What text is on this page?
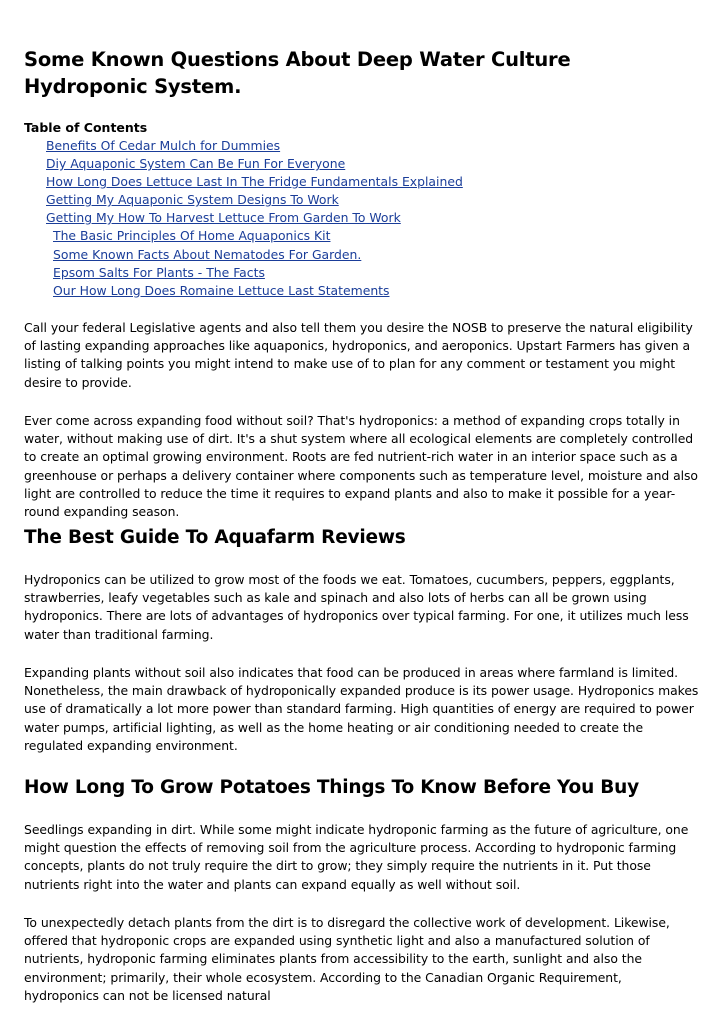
Some Known Questions About Deep Water Culture Hydroponic System.
Table of Contents
Benefits Of Cedar Mulch for Dummies
Diy Aquaponic System Can Be Fun For Everyone
How Long Does Lettuce Last In The Fridge Fundamentals Explained
Getting My Aquaponic System Designs To Work
Getting My How To Harvest Lettuce From Garden To Work
The Basic Principles Of Home Aquaponics Kit
Some Known Facts About Nematodes For Garden.
Epsom Salts For Plants - The Facts
Our How Long Does Romaine Lettuce Last Statements

Call your federal Legislative agents and also tell them you desire the NOSB to preserve the natural eligibility of lasting expanding approaches like aquaponics, hydroponics, and aeroponics. Upstart Farmers has given a listing of talking points you might intend to make use of to plan for any comment or testament you might desire to provide.

Ever come across expanding food without soil? That's hydroponics: a method of expanding crops totally in water, without making use of dirt. It's a shut system where all ecological elements are completely controlled to create an optimal growing environment. Roots are fed nutrient-rich water in an interior space such as a greenhouse or perhaps a delivery container where components such as temperature level, moisture and also light are controlled to reduce the time it requires to expand plants and also to make it possible for a year-round expanding season.

The Best Guide To Aquafarm Reviews

Hydroponics can be utilized to grow most of the foods we eat. Tomatoes, cucumbers, peppers, eggplants, strawberries, leafy vegetables such as kale and spinach and also lots of herbs can all be grown using hydroponics. There are lots of advantages of hydroponics over typical farming. For one, it utilizes much less water than traditional farming.

Expanding plants without soil also indicates that food can be produced in areas where farmland is limited. Nonetheless, the main drawback of hydroponically expanded produce is its power usage. Hydroponics makes use of dramatically a lot more power than standard farming. High quantities of energy are required to power water pumps, artificial lighting, as well as the home heating or air conditioning needed to create the regulated expanding environment.

How Long To Grow Potatoes Things To Know Before You Buy

Seedlings expanding in dirt. While some might indicate hydroponic farming as the future of agriculture, one might question the effects of removing soil from the agriculture process. According to hydroponic farming concepts, plants do not truly require the dirt to grow; they simply require the nutrients in it. Put those nutrients right into the water and plants can expand equally as well without soil.

To unexpectedly detach plants from the dirt is to disregard the collective work of development. Likewise, offered that hydroponic crops are expanded using synthetic light and also a manufactured solution of nutrients, hydroponic farming eliminates plants from accessibility to the earth, sunlight and also the environment; primarily, their whole ecosystem. According to the Canadian Organic Requirement, hydroponics can not be licensed natural
